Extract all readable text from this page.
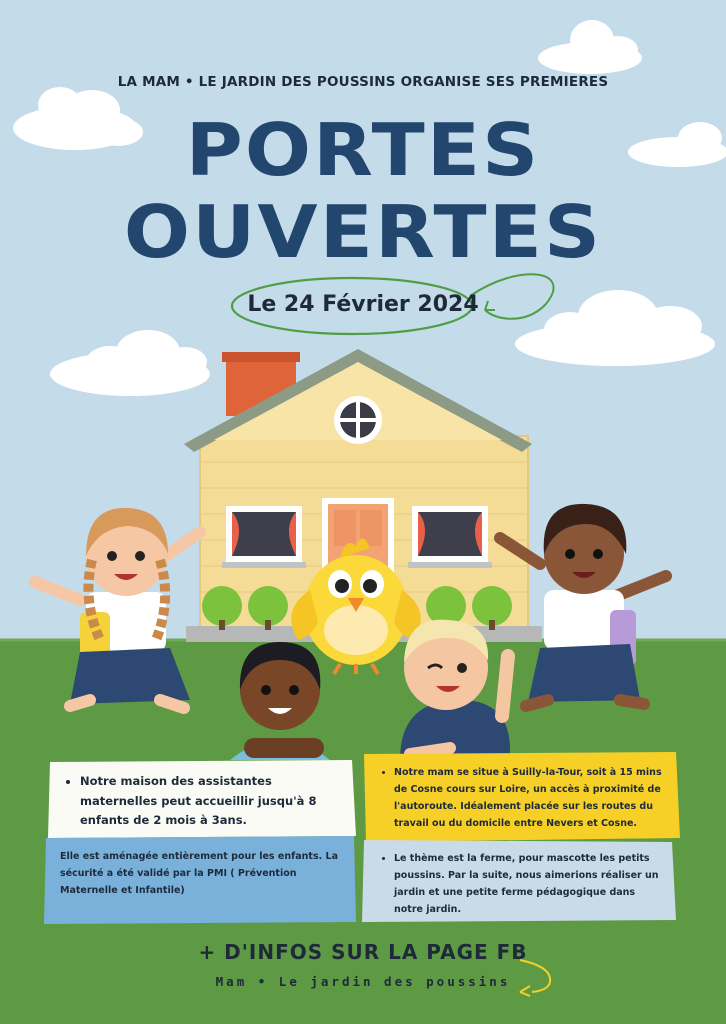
LA MAM • LE JARDIN DES POUSSINS ORGANISE SES PREMIERES

PORTES

OUVERTES

Le 24 Février 2024

• Notre maison des assistantes maternelles peut accueillir jusqu'à 8 enfants de 2 mois à 3ans.
• Notre mam se situe à Suilly-la-Tour, soit à 15 mins de Cosne cours sur Loire, un accès à proximité de l'autoroute. Idéalement placée sur les routes du travail ou du domicile entre Nevers et Cosne.

Elle est aménagée entièrement pour les enfants. La sécurité a été validé par la PMI ( Prévention Maternelle et Infantile)

• Le thème est la ferme, pour mascotte les petits poussins. Par la suite, nous aimerions réaliser un jardin et une petite ferme pédagogique dans notre jardin.

+ D'INFOS SUR LA PAGE FB

Mam • Le jardin des poussins
